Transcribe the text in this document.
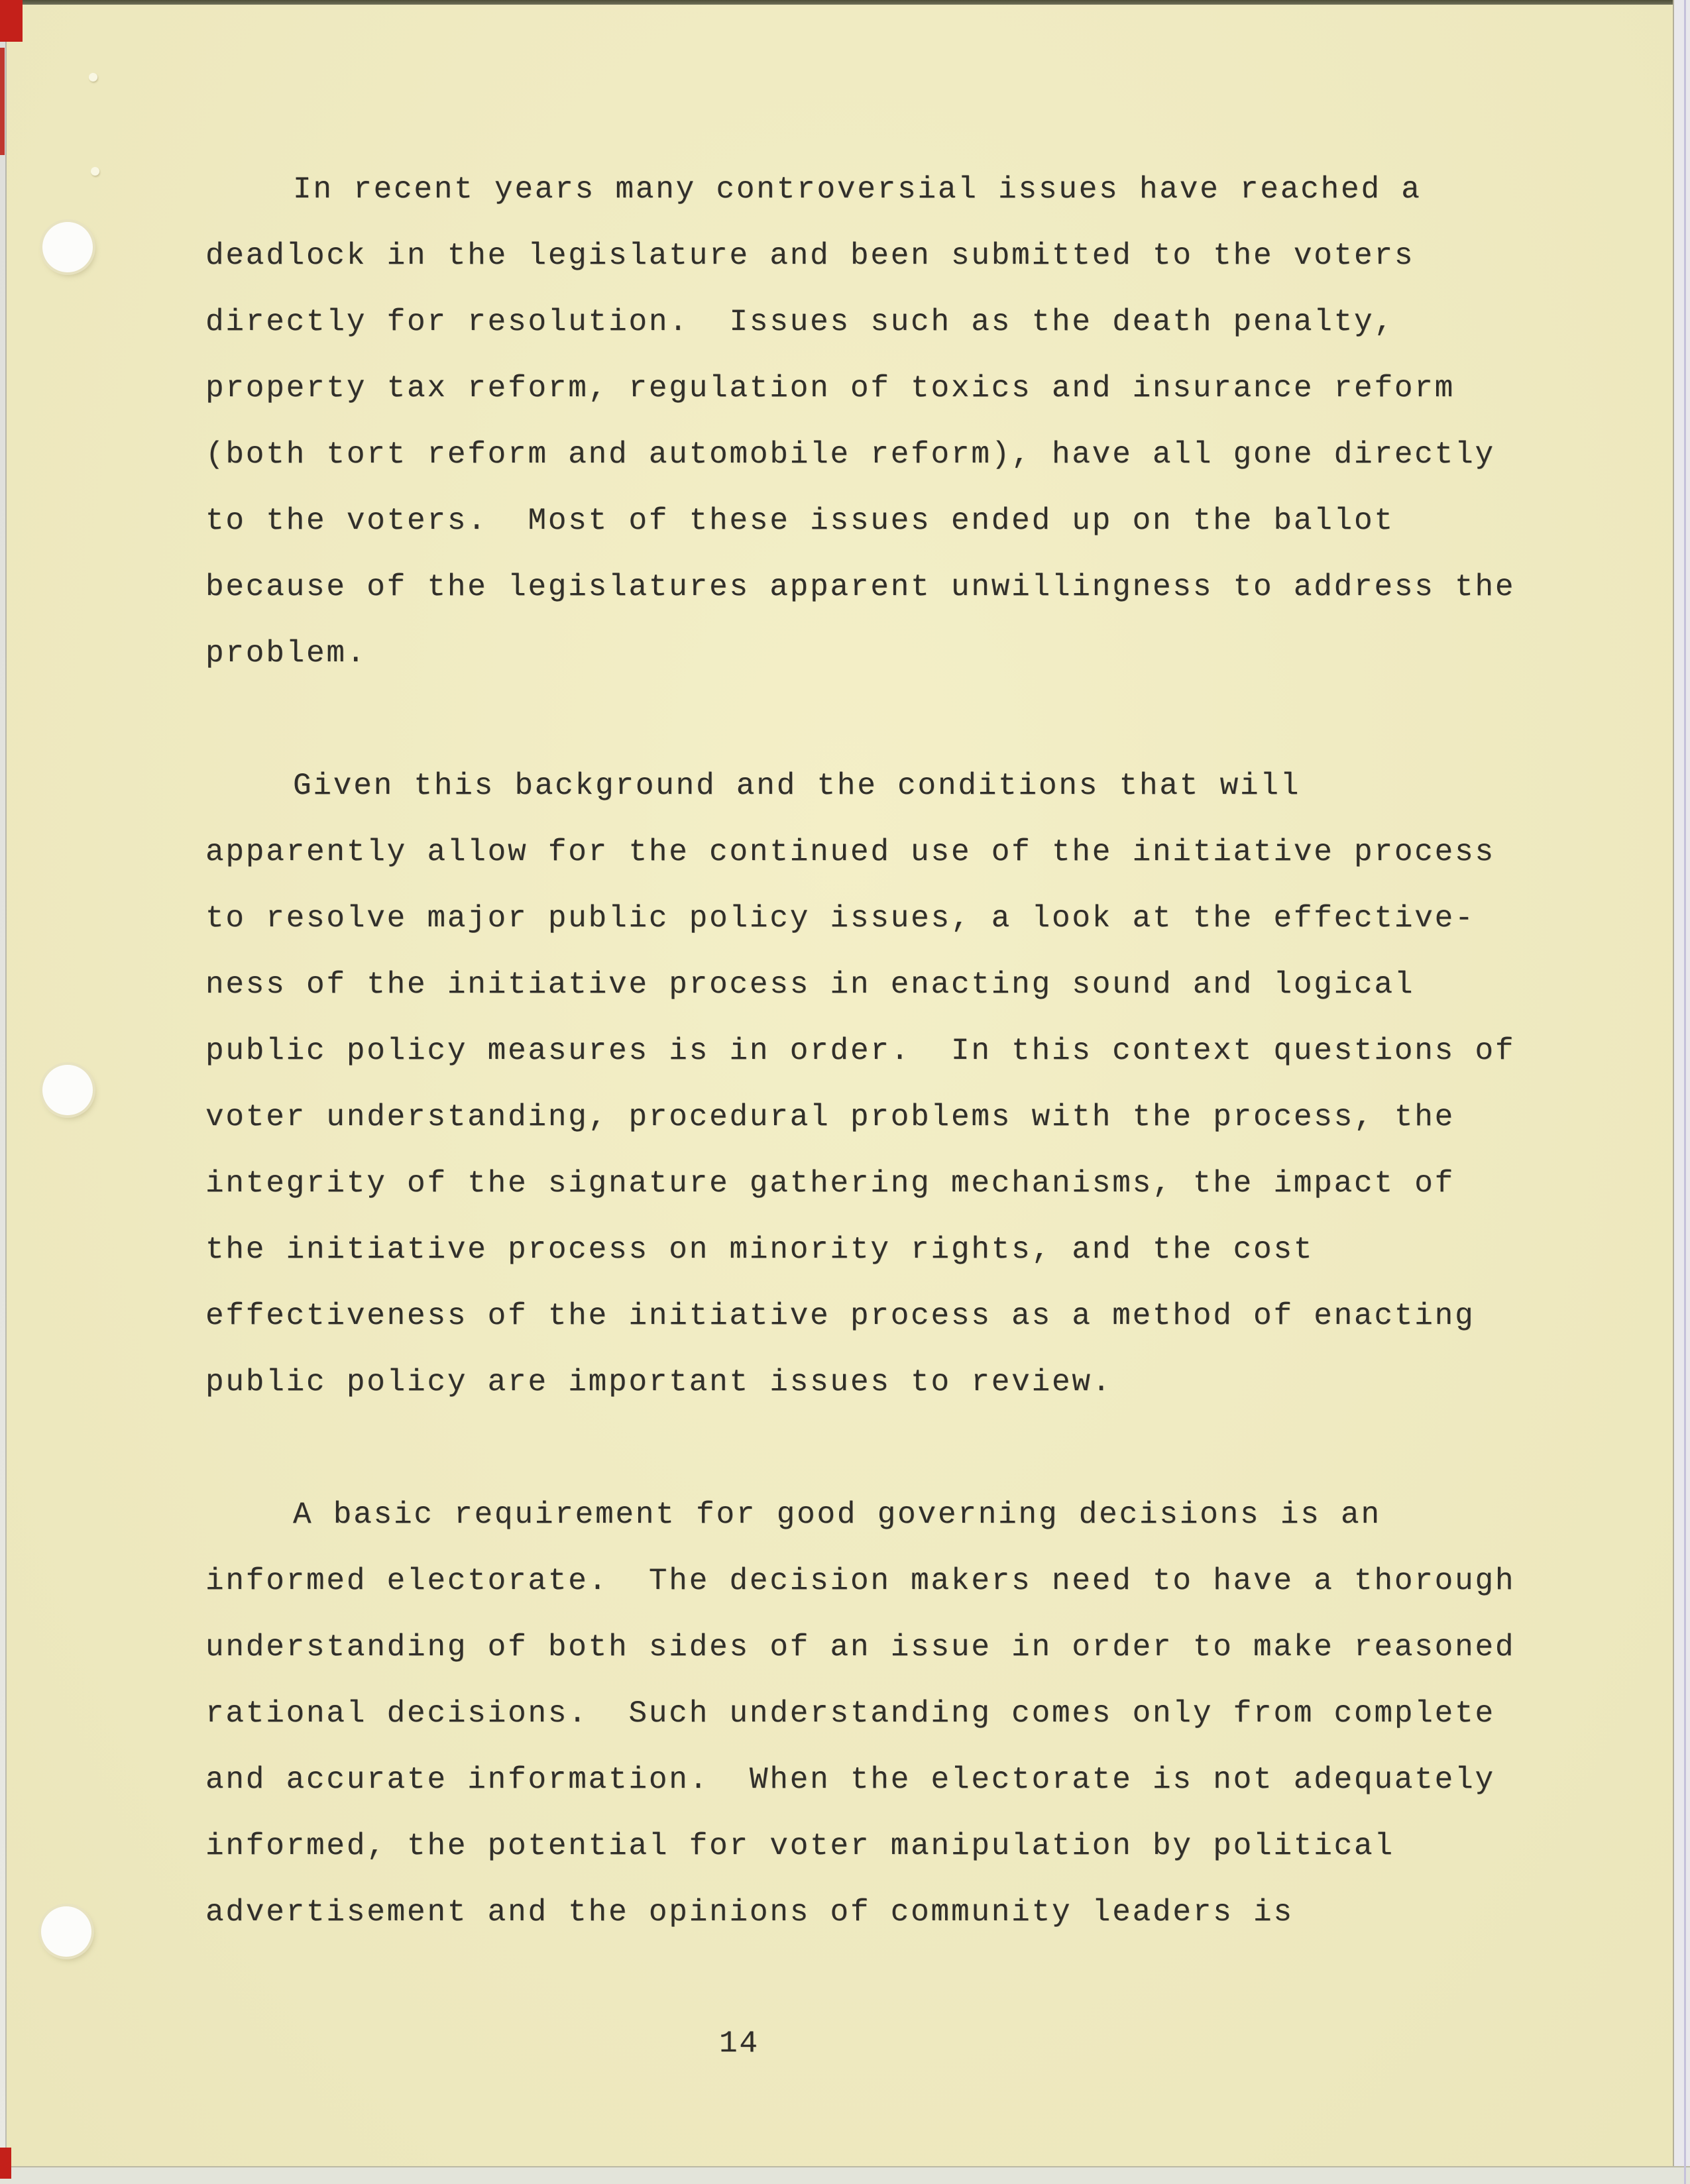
In recent years many controversial issues have reached a
deadlock in the legislature and been submitted to the voters
directly for resolution.  Issues such as the death penalty,
property tax reform, regulation of toxics and insurance reform
(both tort reform and automobile reform), have all gone directly
to the voters.  Most of these issues ended up on the ballot
because of the legislatures apparent unwillingness to address the
problem.
Given this background and the conditions that will
apparently allow for the continued use of the initiative process
to resolve major public policy issues, a look at the effective-
ness of the initiative process in enacting sound and logical
public policy measures is in order.  In this context questions of
voter understanding, procedural problems with the process, the
integrity of the signature gathering mechanisms, the impact of
the initiative process on minority rights, and the cost
effectiveness of the initiative process as a method of enacting
public policy are important issues to review.
A basic requirement for good governing decisions is an
informed electorate.  The decision makers need to have a thorough
understanding of both sides of an issue in order to make reasoned
rational decisions.  Such understanding comes only from complete
and accurate information.  When the electorate is not adequately
informed, the potential for voter manipulation by political
advertisement and the opinions of community leaders is
14
